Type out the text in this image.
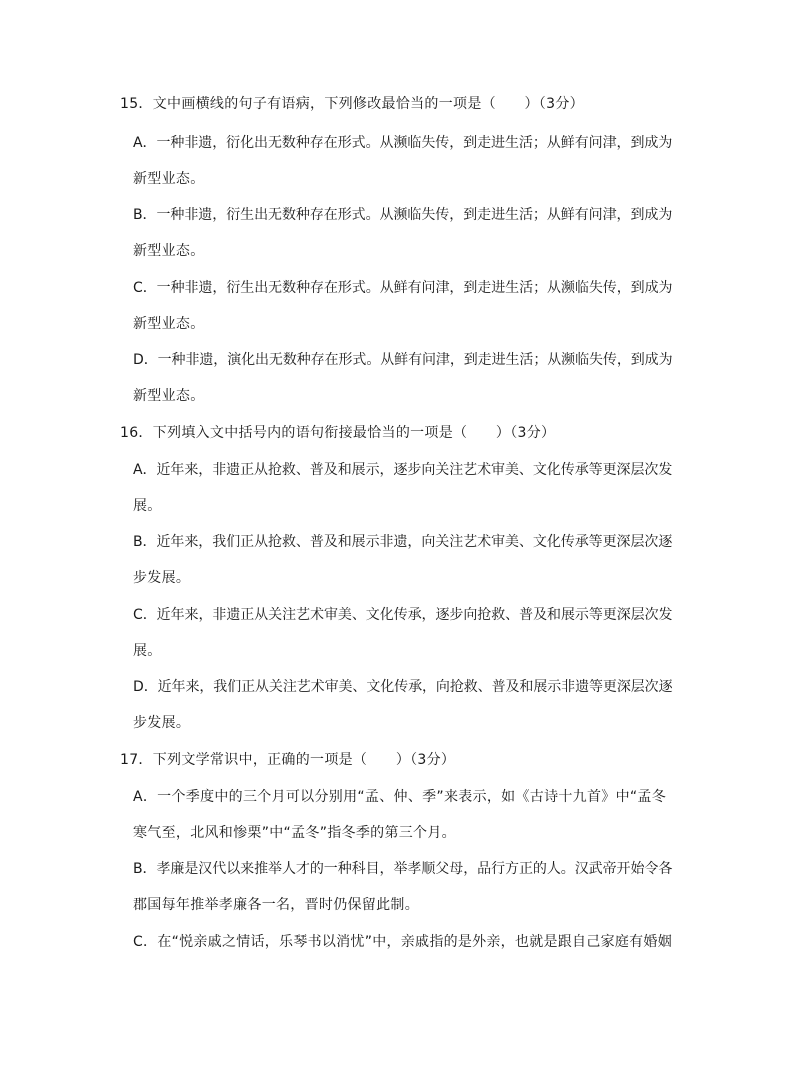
15．文中画横线的句子有语病，下列修改最恰当的一项是（　　）（3分）
A．一种非遗，衍化出无数种存在形式。从濒临失传，到走进生活；从鲜有问津，到成为
新型业态。
B．一种非遗，衍生出无数种存在形式。从濒临失传，到走进生活；从鲜有问津，到成为
新型业态。
C．一种非遗，衍生出无数种存在形式。从鲜有问津，到走进生活；从濒临失传，到成为
新型业态。
D．一种非遗，演化出无数种存在形式。从鲜有问津，到走进生活；从濒临失传，到成为
新型业态。
16．下列填入文中括号内的语句衔接最恰当的一项是（　　）（3分）
A．近年来，非遗正从抢救、普及和展示，逐步向关注艺术审美、文化传承等更深层次发
展。
B．近年来，我们正从抢救、普及和展示非遗，向关注艺术审美、文化传承等更深层次逐
步发展。
C．近年来，非遗正从关注艺术审美、文化传承，逐步向抢救、普及和展示等更深层次发
展。
D．近年来，我们正从关注艺术审美、文化传承，向抢救、普及和展示非遗等更深层次逐
步发展。
17．下列文学常识中，正确的一项是（　　）（3分）
A．一个季度中的三个月可以分别用“孟、仲、季”来表示，如《古诗十九首》中“孟冬
寒气至，北风和惨栗”中“孟冬”指冬季的第三个月。
B．孝廉是汉代以来推举人才的一种科目，举孝顺父母，品行方正的人。汉武帝开始令各
郡国每年推举孝廉各一名，晋时仍保留此制。
C．在“悦亲戚之情话，乐琴书以消忧”中，亲戚指的是外亲，也就是跟自己家庭有婚姻
